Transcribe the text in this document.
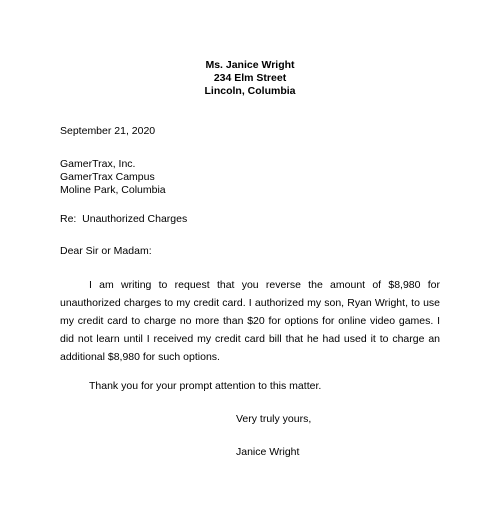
Ms. Janice Wright
234 Elm Street
Lincoln, Columbia
September 21, 2020
GamerTrax, Inc.
GamerTrax Campus
Moline Park, Columbia
Re:  Unauthorized Charges
Dear Sir or Madam:
I am writing to request that you reverse the amount of $8,980 for unauthorized charges to my credit card. I authorized my son, Ryan Wright, to use my credit card to charge no more than $20 for options for online video games. I did not learn until I received my credit card bill that he had used it to charge an additional $8,980 for such options.
Thank you for your prompt attention to this matter.
Very truly yours,
Janice Wright
